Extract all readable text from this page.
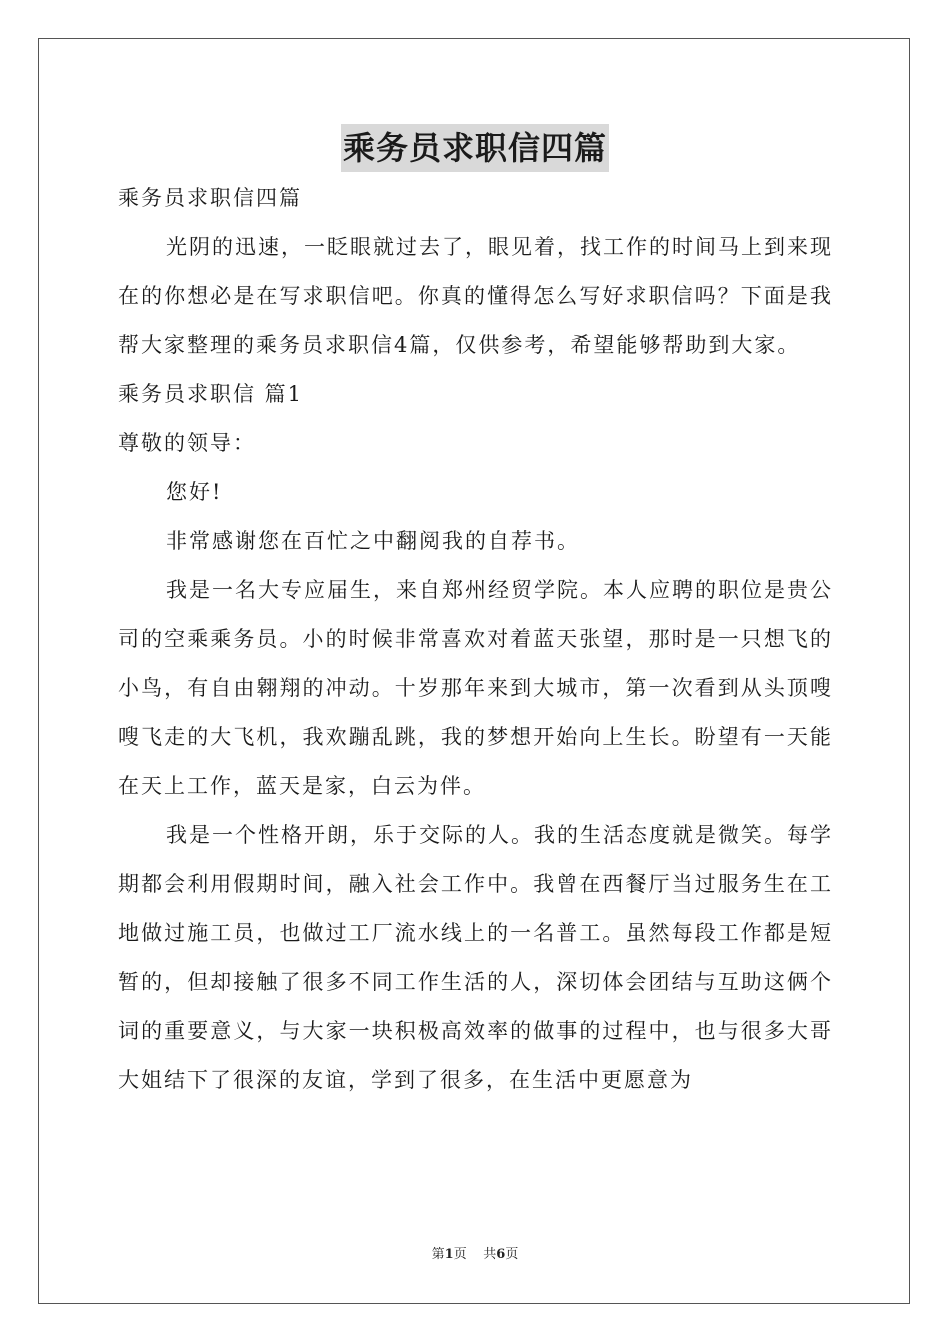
乘务员求职信四篇

乘务员求职信四篇

光阴的迅速，一眨眼就过去了，眼见着，找工作的时间马上到来现在的你想必是在写求职信吧。你真的懂得怎么写好求职信吗？下面是我帮大家整理的乘务员求职信4篇，仅供参考，希望能够帮助到大家。

乘务员求职信 篇1

尊敬的领导：

您好!

非常感谢您在百忙之中翻阅我的自荐书。

我是一名大专应届生，来自郑州经贸学院。本人应聘的职位是贵公司的空乘乘务员。小的时候非常喜欢对着蓝天张望，那时是一只想飞的小鸟，有自由翱翔的冲动。十岁那年来到大城市，第一次看到从头顶嗖嗖飞走的大飞机，我欢蹦乱跳，我的梦想开始向上生长。盼望有一天能在天上工作，蓝天是家，白云为伴。

我是一个性格开朗，乐于交际的人。我的生活态度就是微笑。每学期都会利用假期时间，融入社会工作中。我曾在西餐厅当过服务生在工地做过施工员，也做过工厂流水线上的一名普工。虽然每段工作都是短暂的，但却接触了很多不同工作生活的人，深切体会团结与互助这俩个词的重要意义，与大家一块积极高效率的做事的过程中，也与很多大哥大姐结下了很深的友谊，学到了很多，在生活中更愿意为

第1页 共6页
